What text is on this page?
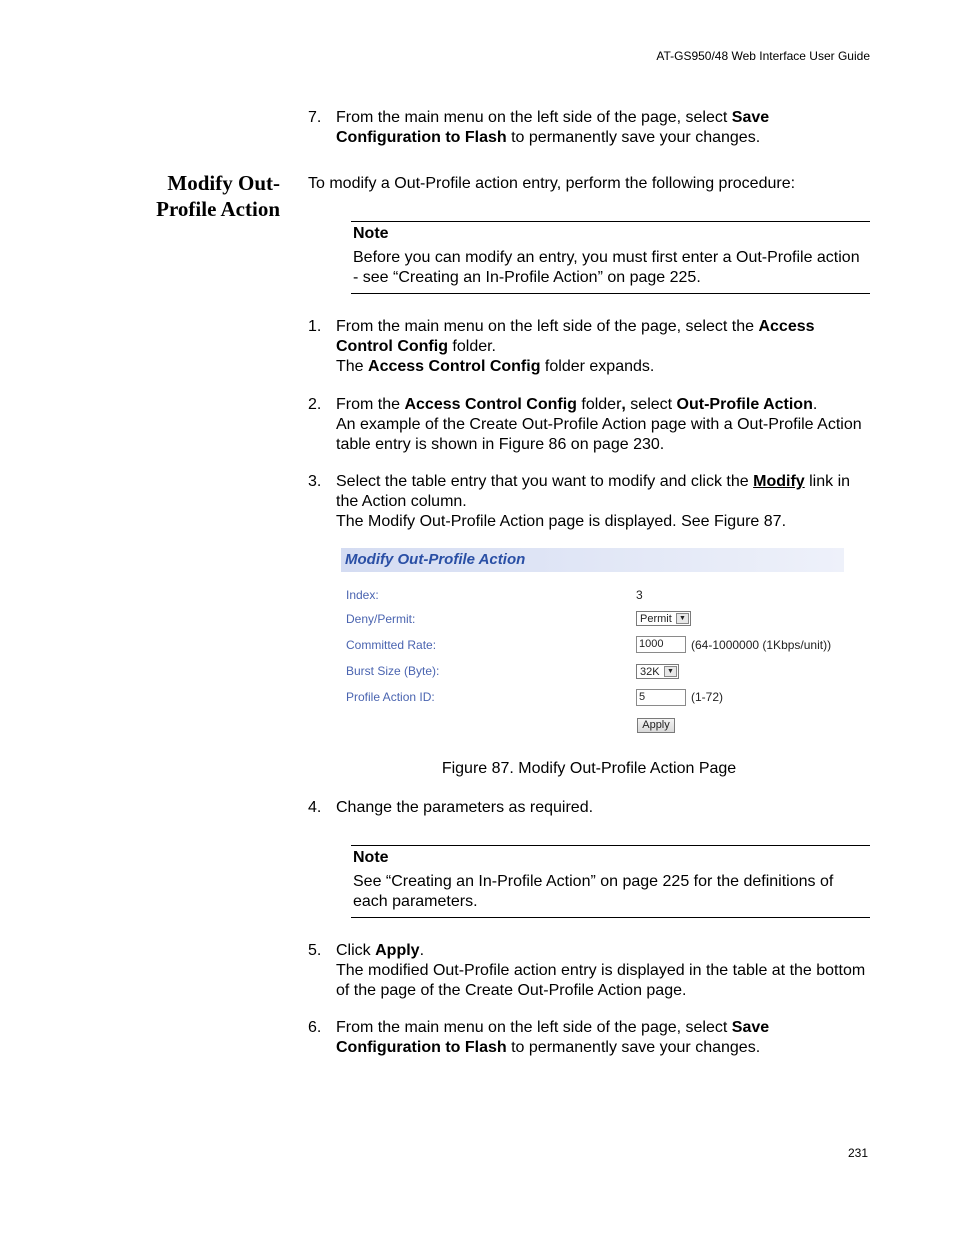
AT-GS950/48 Web Interface User Guide
7. From the main menu on the left side of the page, select Save Configuration to Flash to permanently save your changes.

Modify Out-
Profile Action
To modify a Out-Profile action entry, perform the following procedure:
Note
Before you can modify an entry, you must first enter a Out-Profile action - see “Creating an In-Profile Action” on page 225.
1. From the main menu on the left side of the page, select the Access Control Config folder.

The Access Control Config folder expands.

2. From the Access Control Config folder, select Out-Profile Action.

An example of the Create Out-Profile Action page with a Out-Profile Action table entry is shown in Figure 86 on page 230.

3. Select the table entry that you want to modify and click the Modify link in the Action column.

The Modify Out-Profile Action page is displayed. See Figure 87.

Modify Out-Profile Action
Index:	3
Deny/Permit:	Permit	▼
Committed Rate:	1000	(64-1000000 (1Kbps/unit))
Burst Size (Byte):	32K	▼
Profile Action ID:	5	(1-72)
Apply
Figure 87. Modify Out-Profile Action Page
4. Change the parameters as required.

Note
See “Creating an In-Profile Action” on page 225 for the definitions of each parameters.
5. Click Apply.

The modified Out-Profile action entry is displayed in the table at the bottom of the page of the Create Out-Profile Action page.

6. From the main menu on the left side of the page, select Save Configuration to Flash to permanently save your changes.

231
